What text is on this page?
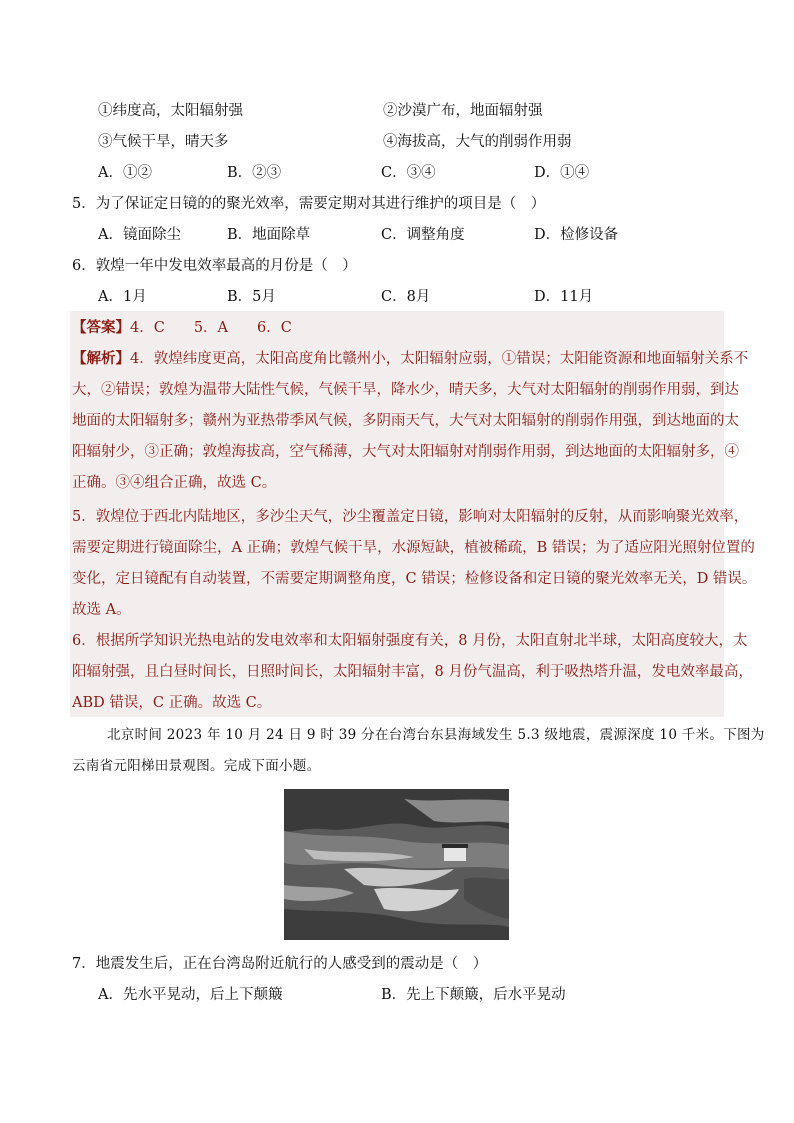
①纬度高，太阳辐射强	②沙漠广布，地面辐射强
③气候干旱，晴天多	④海拔高，大气的削弱作用弱
A．①②	B．②③	C．③④	D．①④
5．为了保证定日镜的的聚光效率，需要定期对其进行维护的项目是（　）
A．镜面除尘	B．地面除草	C．调整角度	D．检修设备
6．敦煌一年中发电效率最高的月份是（　）
A．1月	B．5月	C．8月	D．11月
【答案】4．C　　5．A　　6．C
【解析】4．敦煌纬度更高，太阳高度角比赣州小，太阳辐射应弱，①错误；太阳能资源和地面辐射关系不
大，②错误；敦煌为温带大陆性气候，气候干旱，降水少，晴天多，大气对太阳辐射的削弱作用弱，到达
地面的太阳辐射多；赣州为亚热带季风气候，多阴雨天气，大气对太阳辐射的削弱作用强，到达地面的太
阳辐射少，③正确；敦煌海拔高，空气稀薄，大气对太阳辐射对削弱作用弱，到达地面的太阳辐射多，④
正确。③④组合正确，故选 C。
5．敦煌位于西北内陆地区，多沙尘天气，沙尘覆盖定日镜，影响对太阳辐射的反射，从而影响聚光效率，
需要定期进行镜面除尘，A 正确；敦煌气候干旱，水源短缺，植被稀疏，B 错误；为了适应阳光照射位置的
变化，定日镜配有自动装置，不需要定期调整角度，C 错误；检修设备和定日镜的聚光效率无关，D 错误。
故选 A。
6．根据所学知识光热电站的发电效率和太阳辐射强度有关，8 月份，太阳直射北半球，太阳高度较大，太
阳辐射强，且白昼时间长，日照时间长，太阳辐射丰富，8 月份气温高，利于吸热塔升温，发电效率最高，
ABD 错误，C 正确。故选 C。
北京时间 2023 年 10 月 24 日 9 时 39 分在台湾台东县海域发生 5.3 级地震，震源深度 10 千米。下图为
云南省元阳梯田景观图。完成下面小题。
7．地震发生后，正在台湾岛附近航行的人感受到的震动是（　）
A．先水平晃动，后上下颠簸	B．先上下颠簸，后水平晃动
